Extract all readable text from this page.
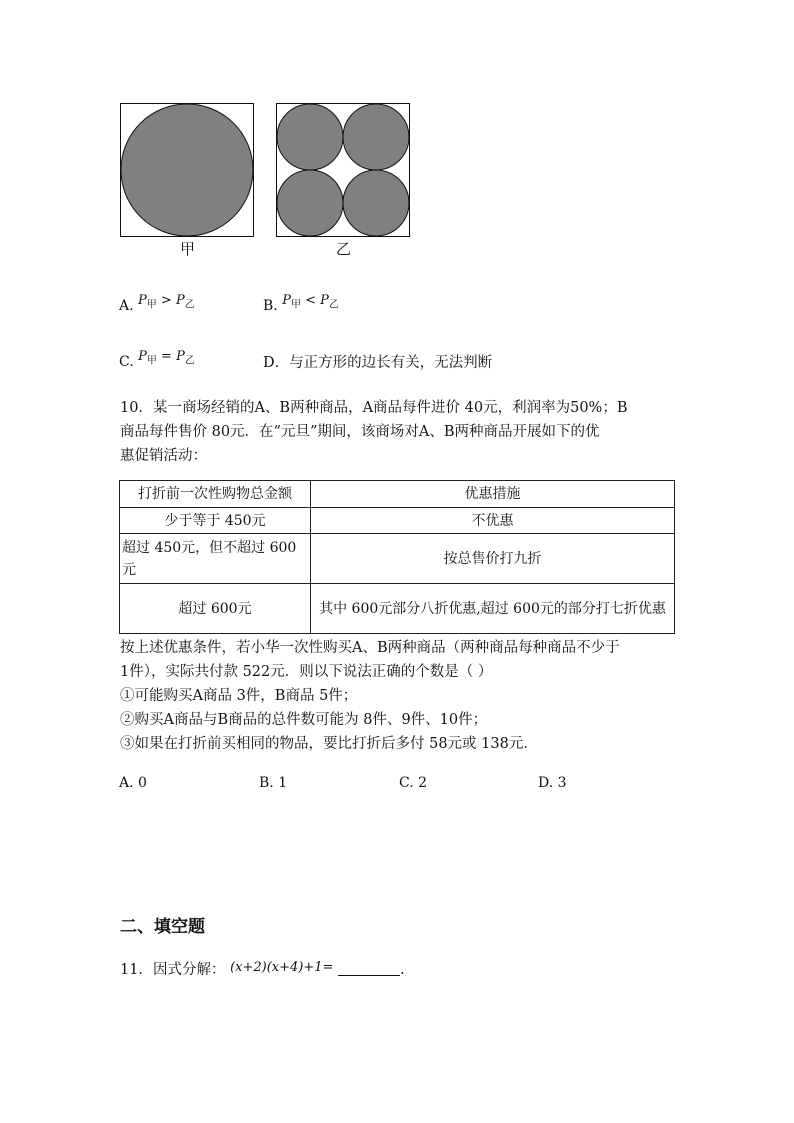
甲	乙
A. $P_甲 > P_乙$	B. $P_甲 < P_乙$
C. $P_甲 = P_乙$	D．与正方形的边长有关，无法判断
10．某一商场经销的A、B两种商品，A商品每件进价 40元，利润率为50%；B
商品每件售价 80元．在“元旦”期间，该商场对A、B两种商品开展如下的优
惠促销活动：
打折前一次性购物总金额	优惠措施
少于等于 450元	不优惠
超过 450元，但不超过 600元	按总售价打九折
超过 600元	其中 600元部分八折优惠,超过 600元的部分打七折优惠
按上述优惠条件，若小华一次性购买A、B两种商品（两种商品每种商品不少于
1件），实际共付款 522元．则以下说法正确的个数是（ ）
①可能购买A商品 3件，B商品 5件；
②购买A商品与B商品的总件数可能为 8件、9件、10件；
③如果在打折前买相同的物品，要比打折后多付 58元或 138元．
A. 0	B. 1	C. 2	D. 3
二、填空题
11．因式分解： (x+2)(x+4)+1=	.
